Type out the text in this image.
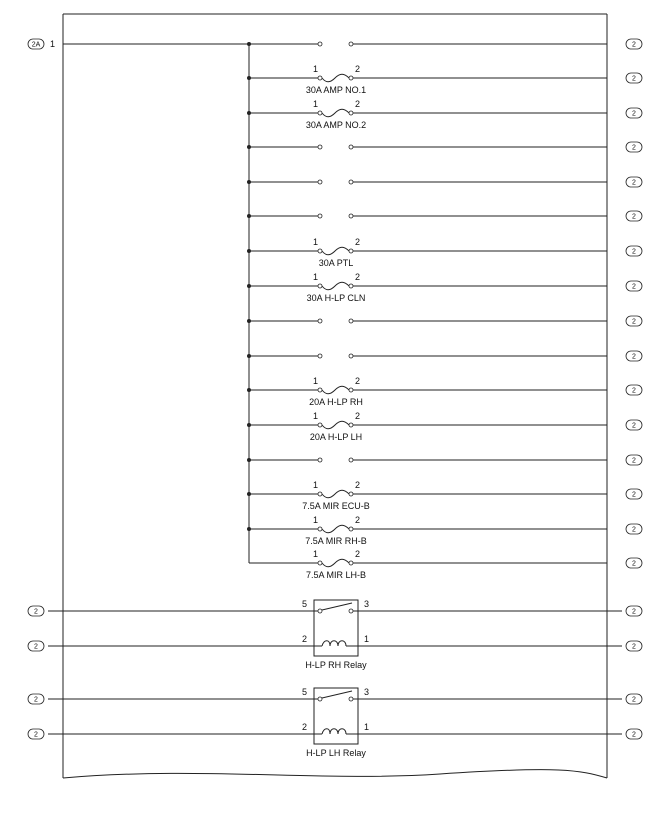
2A 1	2
1	2
30A AMP NO.1
2
1	2
30A AMP NO.2
2
2
2
2
1	2
30A PTL
2
1	2
30A H-LP CLN
2
2
2
1	2
20A H-LP RH
2
1	2
20A H-LP LH
2
2
1	2
7.5A MIR ECU-B
2
1	2
7.5A MIR RH-B
2
1	2
7.5A MIR LH-B
2
2
2
2
2
5	3
2	1
H-LP RH Relay
2
2
2
2
5	3
2	1
H-LP LH Relay
